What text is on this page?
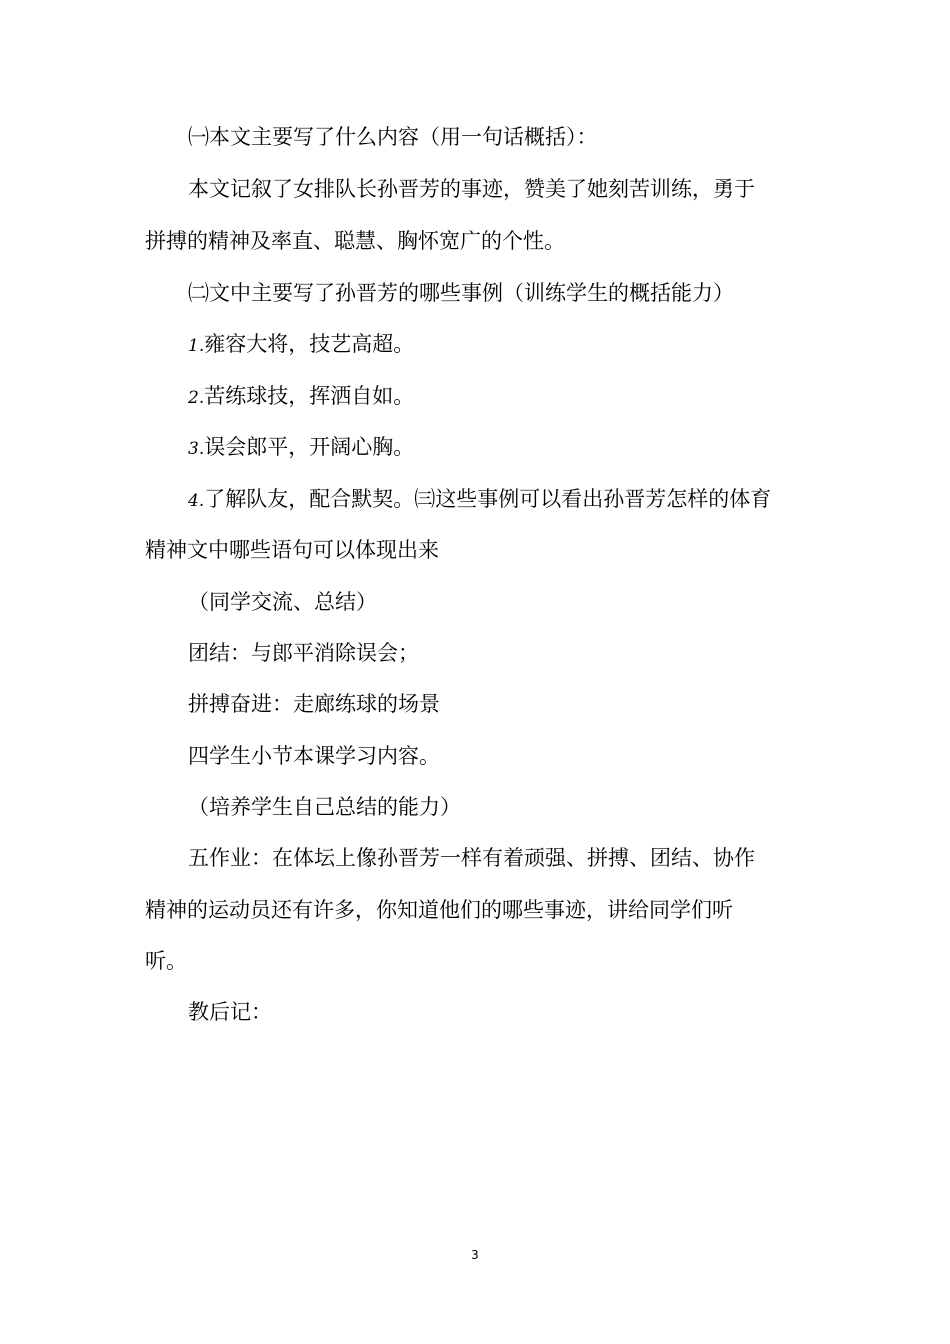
㈠本文主要写了什么内容（用一句话概括）：
本文记叙了女排队长孙晋芳的事迹，赞美了她刻苦训练，勇于
拼搏的精神及率直、聪慧、胸怀宽广的个性。
㈡文中主要写了孙晋芳的哪些事例（训练学生的概括能力）
1.雍容大将，技艺高超。
2.苦练球技，挥洒自如。
3.误会郎平，开阔心胸。
4.了解队友，配合默契。㈢这些事例可以看出孙晋芳怎样的体育
精神文中哪些语句可以体现出来
（同学交流、总结）
团结：与郎平消除误会；
拼搏奋进：走廊练球的场景
四学生小节本课学习内容。
（培养学生自己总结的能力）
五作业：在体坛上像孙晋芳一样有着顽强、拼搏、团结、协作
精神的运动员还有许多，你知道他们的哪些事迹，讲给同学们听
听。
教后记：
3
